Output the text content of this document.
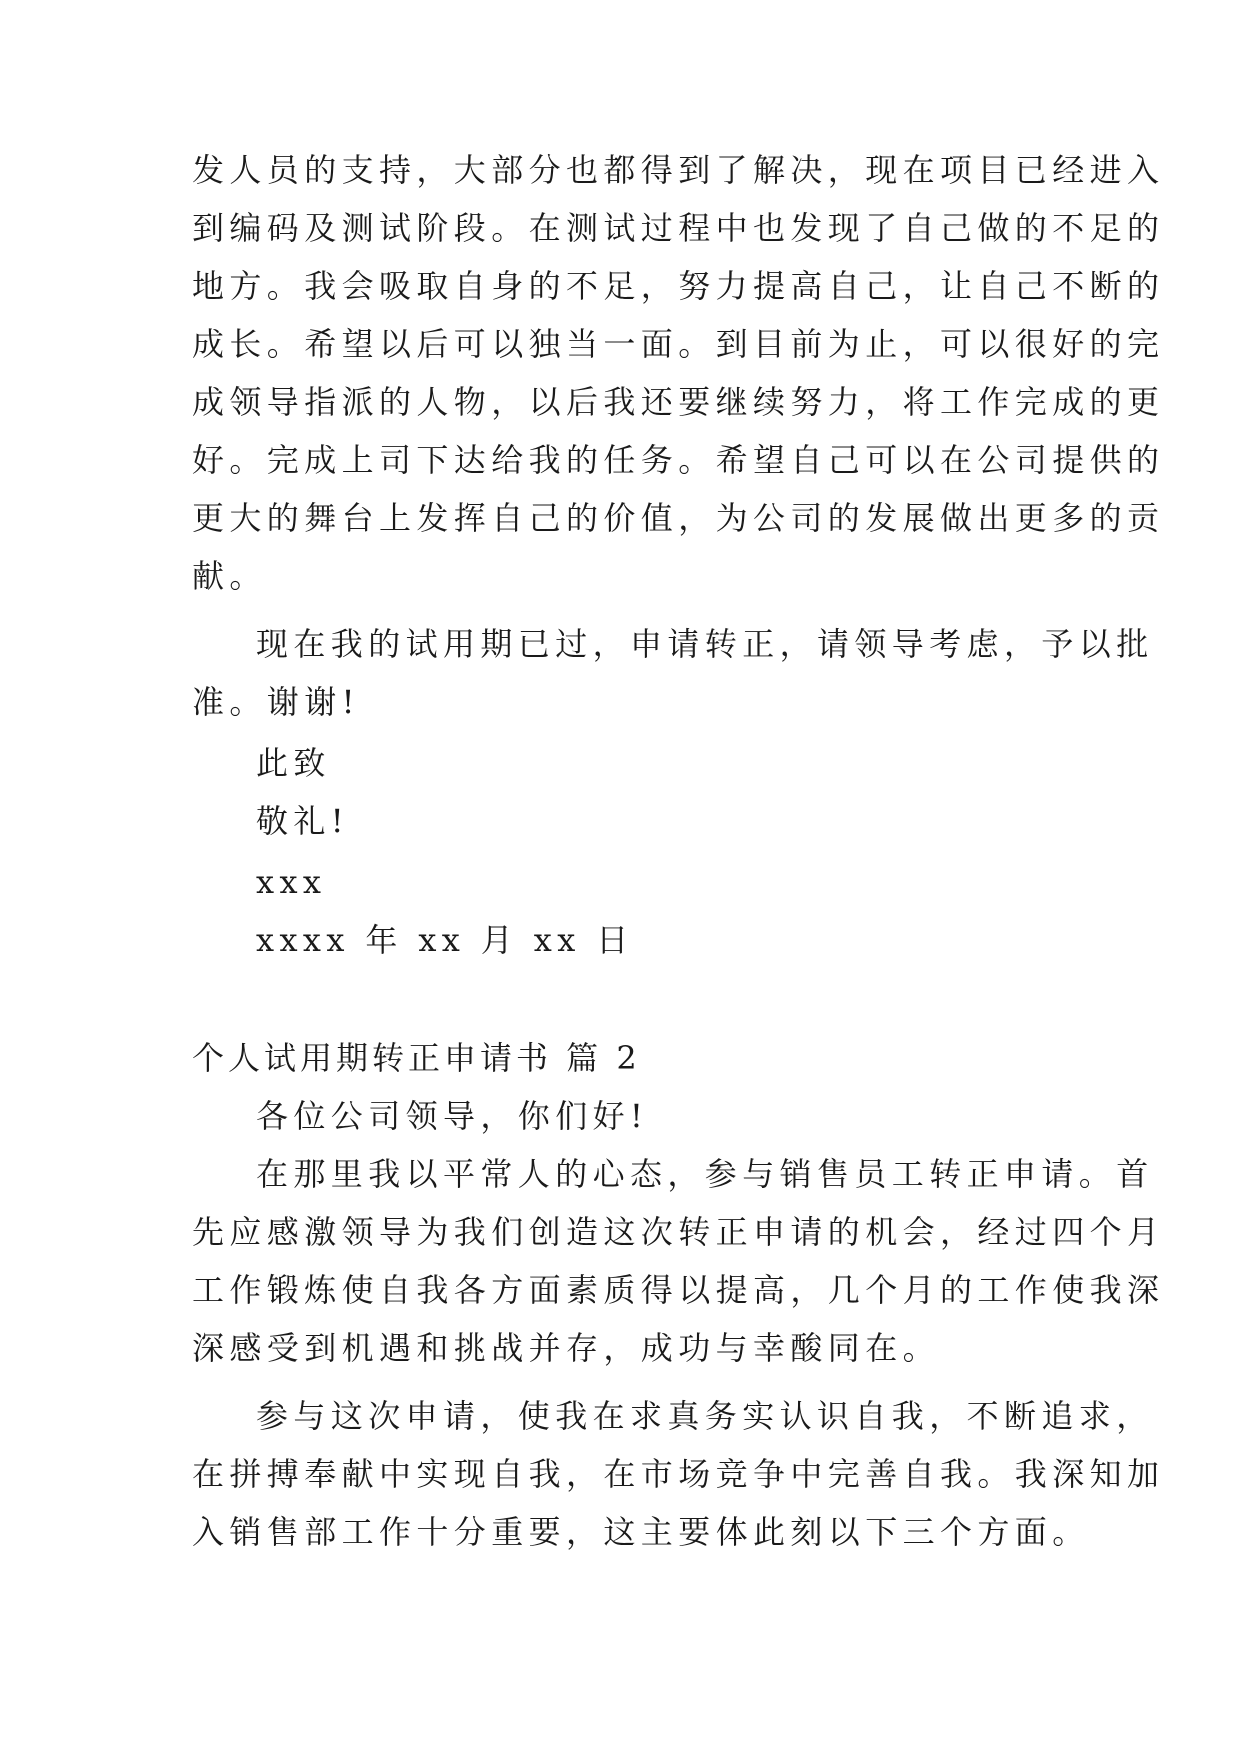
发人员的支持，大部分也都得到了解决，现在项目已经进入
到编码及测试阶段。在测试过程中也发现了自己做的不足的
地方。我会吸取自身的不足，努力提高自己，让自己不断的
成长。希望以后可以独当一面。到目前为止，可以很好的完
成领导指派的人物，以后我还要继续努力，将工作完成的更
好。完成上司下达给我的任务。希望自己可以在公司提供的
更大的舞台上发挥自己的价值，为公司的发展做出更多的贡
献。
现在我的试用期已过，申请转正，请领导考虑，予以批
准。谢谢!
此致
敬礼!
xxx
xxxx 年 xx 月 xx 日
个人试用期转正申请书 篇 2
各位公司领导，你们好!
在那里我以平常人的心态，参与销售员工转正申请。首
先应感激领导为我们创造这次转正申请的机会，经过四个月
工作锻炼使自我各方面素质得以提高，几个月的工作使我深
深感受到机遇和挑战并存，成功与幸酸同在。
参与这次申请，使我在求真务实认识自我，不断追求，
在拼搏奉献中实现自我，在市场竞争中完善自我。我深知加
入销售部工作十分重要，这主要体此刻以下三个方面。
